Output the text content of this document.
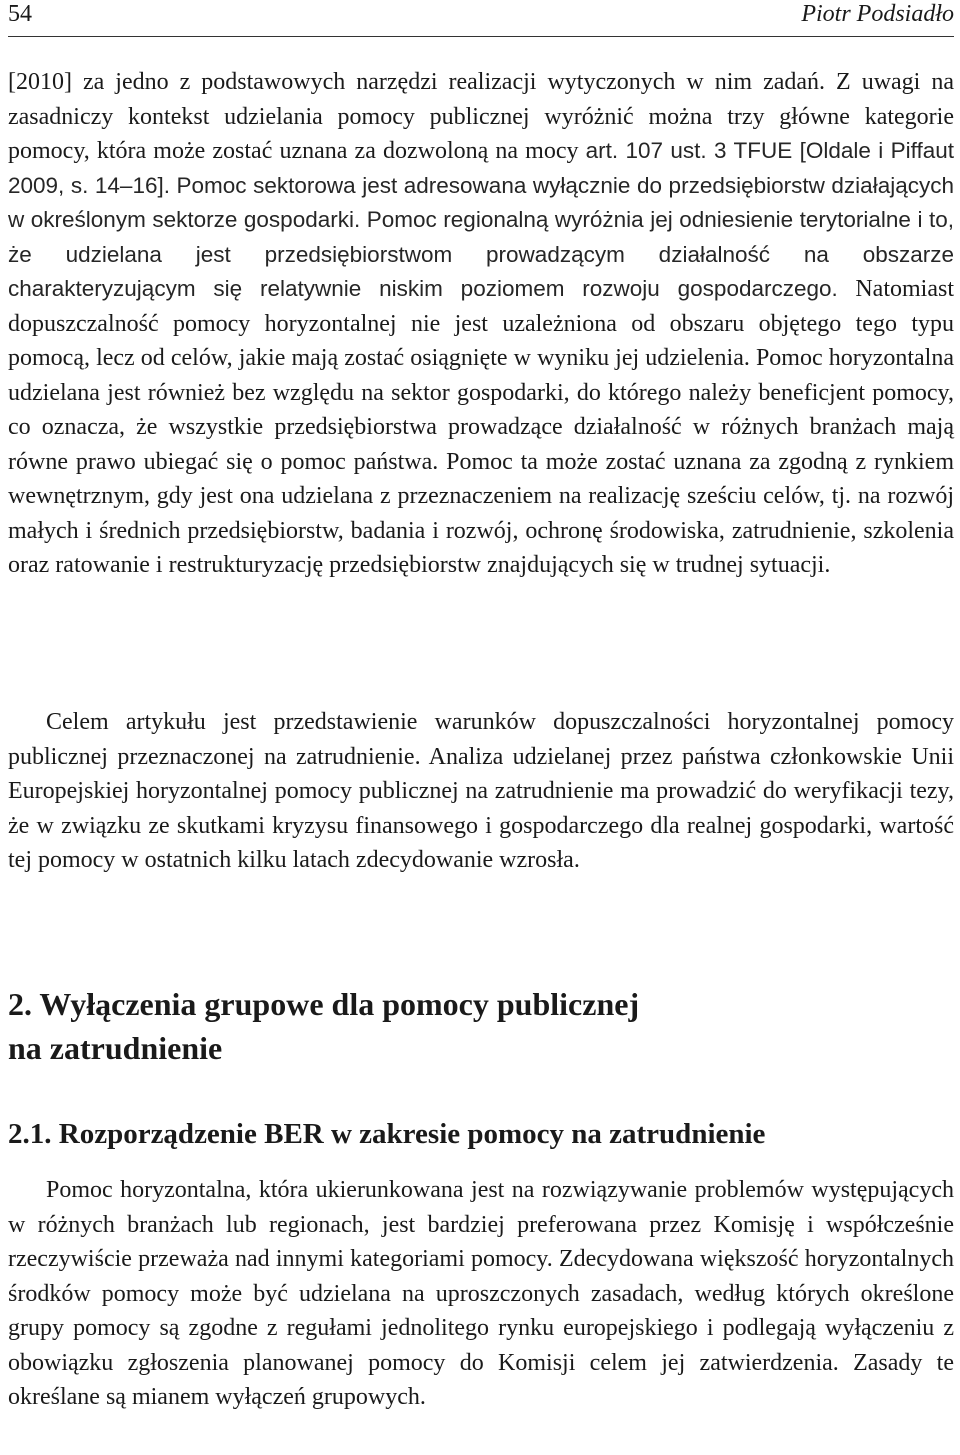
54	Piotr Podsiadło

[2010] za jedno z podstawowych narzędzi realizacji wytyczonych w nim zadań. Z uwagi na zasadniczy kontekst udzielania pomocy publicznej wyróżnić można trzy główne kategorie pomocy, która może zostać uznana za dozwoloną na mocy art. 107 ust. 3 TFUE [Oldale i Piffaut 2009, s. 14–16]. Pomoc sektorowa jest adresowana wyłącznie do przedsiębiorstw działających w określonym sektorze gospodarki. Pomoc regionalną wyróżnia jej odniesienie terytorialne i to, że udzielana jest przedsiębiorstwom prowadzącym działalność na obszarze charakteryzującym się relatywnie niskim poziomem rozwoju gospodarczego. Natomiast dopuszczalność pomocy horyzontalnej nie jest uzależniona od obszaru objętego tego typu pomocą, lecz od celów, jakie mają zostać osiągnięte w wyniku jej udzielenia. Pomoc horyzontalna udzielana jest również bez względu na sektor gospodarki, do którego należy beneficjent pomocy, co oznacza, że wszystkie przedsiębiorstwa prowadzące działalność w różnych branżach mają równe prawo ubiegać się o pomoc państwa. Pomoc ta może zostać uznana za zgodną z rynkiem wewnętrznym, gdy jest ona udzielana z przeznaczeniem na realizację sześciu celów, tj. na rozwój małych i średnich przedsiębiorstw, badania i rozwój, ochronę środowiska, zatrudnienie, szkolenia oraz ratowanie i restrukturyzację przedsiębiorstw znajdujących się w trudnej sytuacji.

Celem artykułu jest przedstawienie warunków dopuszczalności horyzontalnej pomocy publicznej przeznaczonej na zatrudnienie. Analiza udzielanej przez państwa członkowskie Unii Europejskiej horyzontalnej pomocy publicznej na zatrudnienie ma prowadzić do weryfikacji tezy, że w związku ze skutkami kryzysu finansowego i gospodarczego dla realnej gospodarki, wartość tej pomocy w ostatnich kilku latach zdecydowanie wzrosła.

2. Wyłączenia grupowe dla pomocy publicznej
na zatrudnienie
2.1. Rozporządzenie BER w zakresie pomocy na zatrudnienie

Pomoc horyzontalna, która ukierunkowana jest na rozwiązywanie problemów występujących w różnych branżach lub regionach, jest bardziej preferowana przez Komisję i współcześnie rzeczywiście przeważa nad innymi kategoriami pomocy. Zdecydowana większość horyzontalnych środków pomocy może być udzielana na uproszczonych zasadach, według których określone grupy pomocy są zgodne z regułami jednolitego rynku europejskiego i podlegają wyłączeniu z obowiązku zgłoszenia planowanej pomocy do Komisji celem jej zatwierdzenia. Zasady te określane są mianem wyłączeń grupowych.
